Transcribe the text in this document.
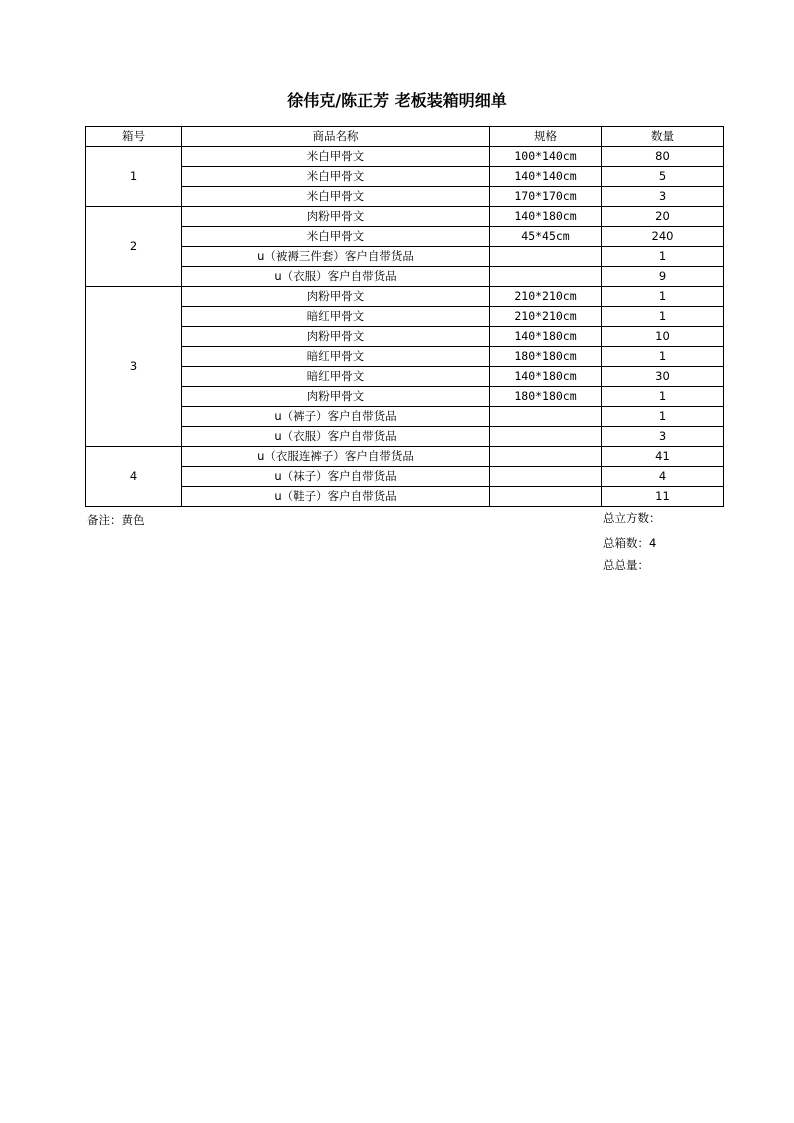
徐伟克/陈正芳 老板装箱明细单
箱号	商品名称	规格	数量
1	米白甲骨文	100*140cm	80
	米白甲骨文	140*140cm	5
	米白甲骨文	170*170cm	3
2	肉粉甲骨文	140*180cm	20
	米白甲骨文	45*45cm	240
	u（被褥三件套）客户自带货品		1
	u（衣服）客户自带货品		9
3	肉粉甲骨文	210*210cm	1
	暗红甲骨文	210*210cm	1
	肉粉甲骨文	140*180cm	10
	暗红甲骨文	180*180cm	1
	暗红甲骨文	140*180cm	30
	肉粉甲骨文	180*180cm	1
	u（裤子）客户自带货品		1
	u（衣服）客户自带货品		3
4	u（衣服连裤子）客户自带货品		41
	u（袜子）客户自带货品		4
	u（鞋子）客户自带货品		11
备注：黄色	总立方数：
总箱数：4
总总量：
